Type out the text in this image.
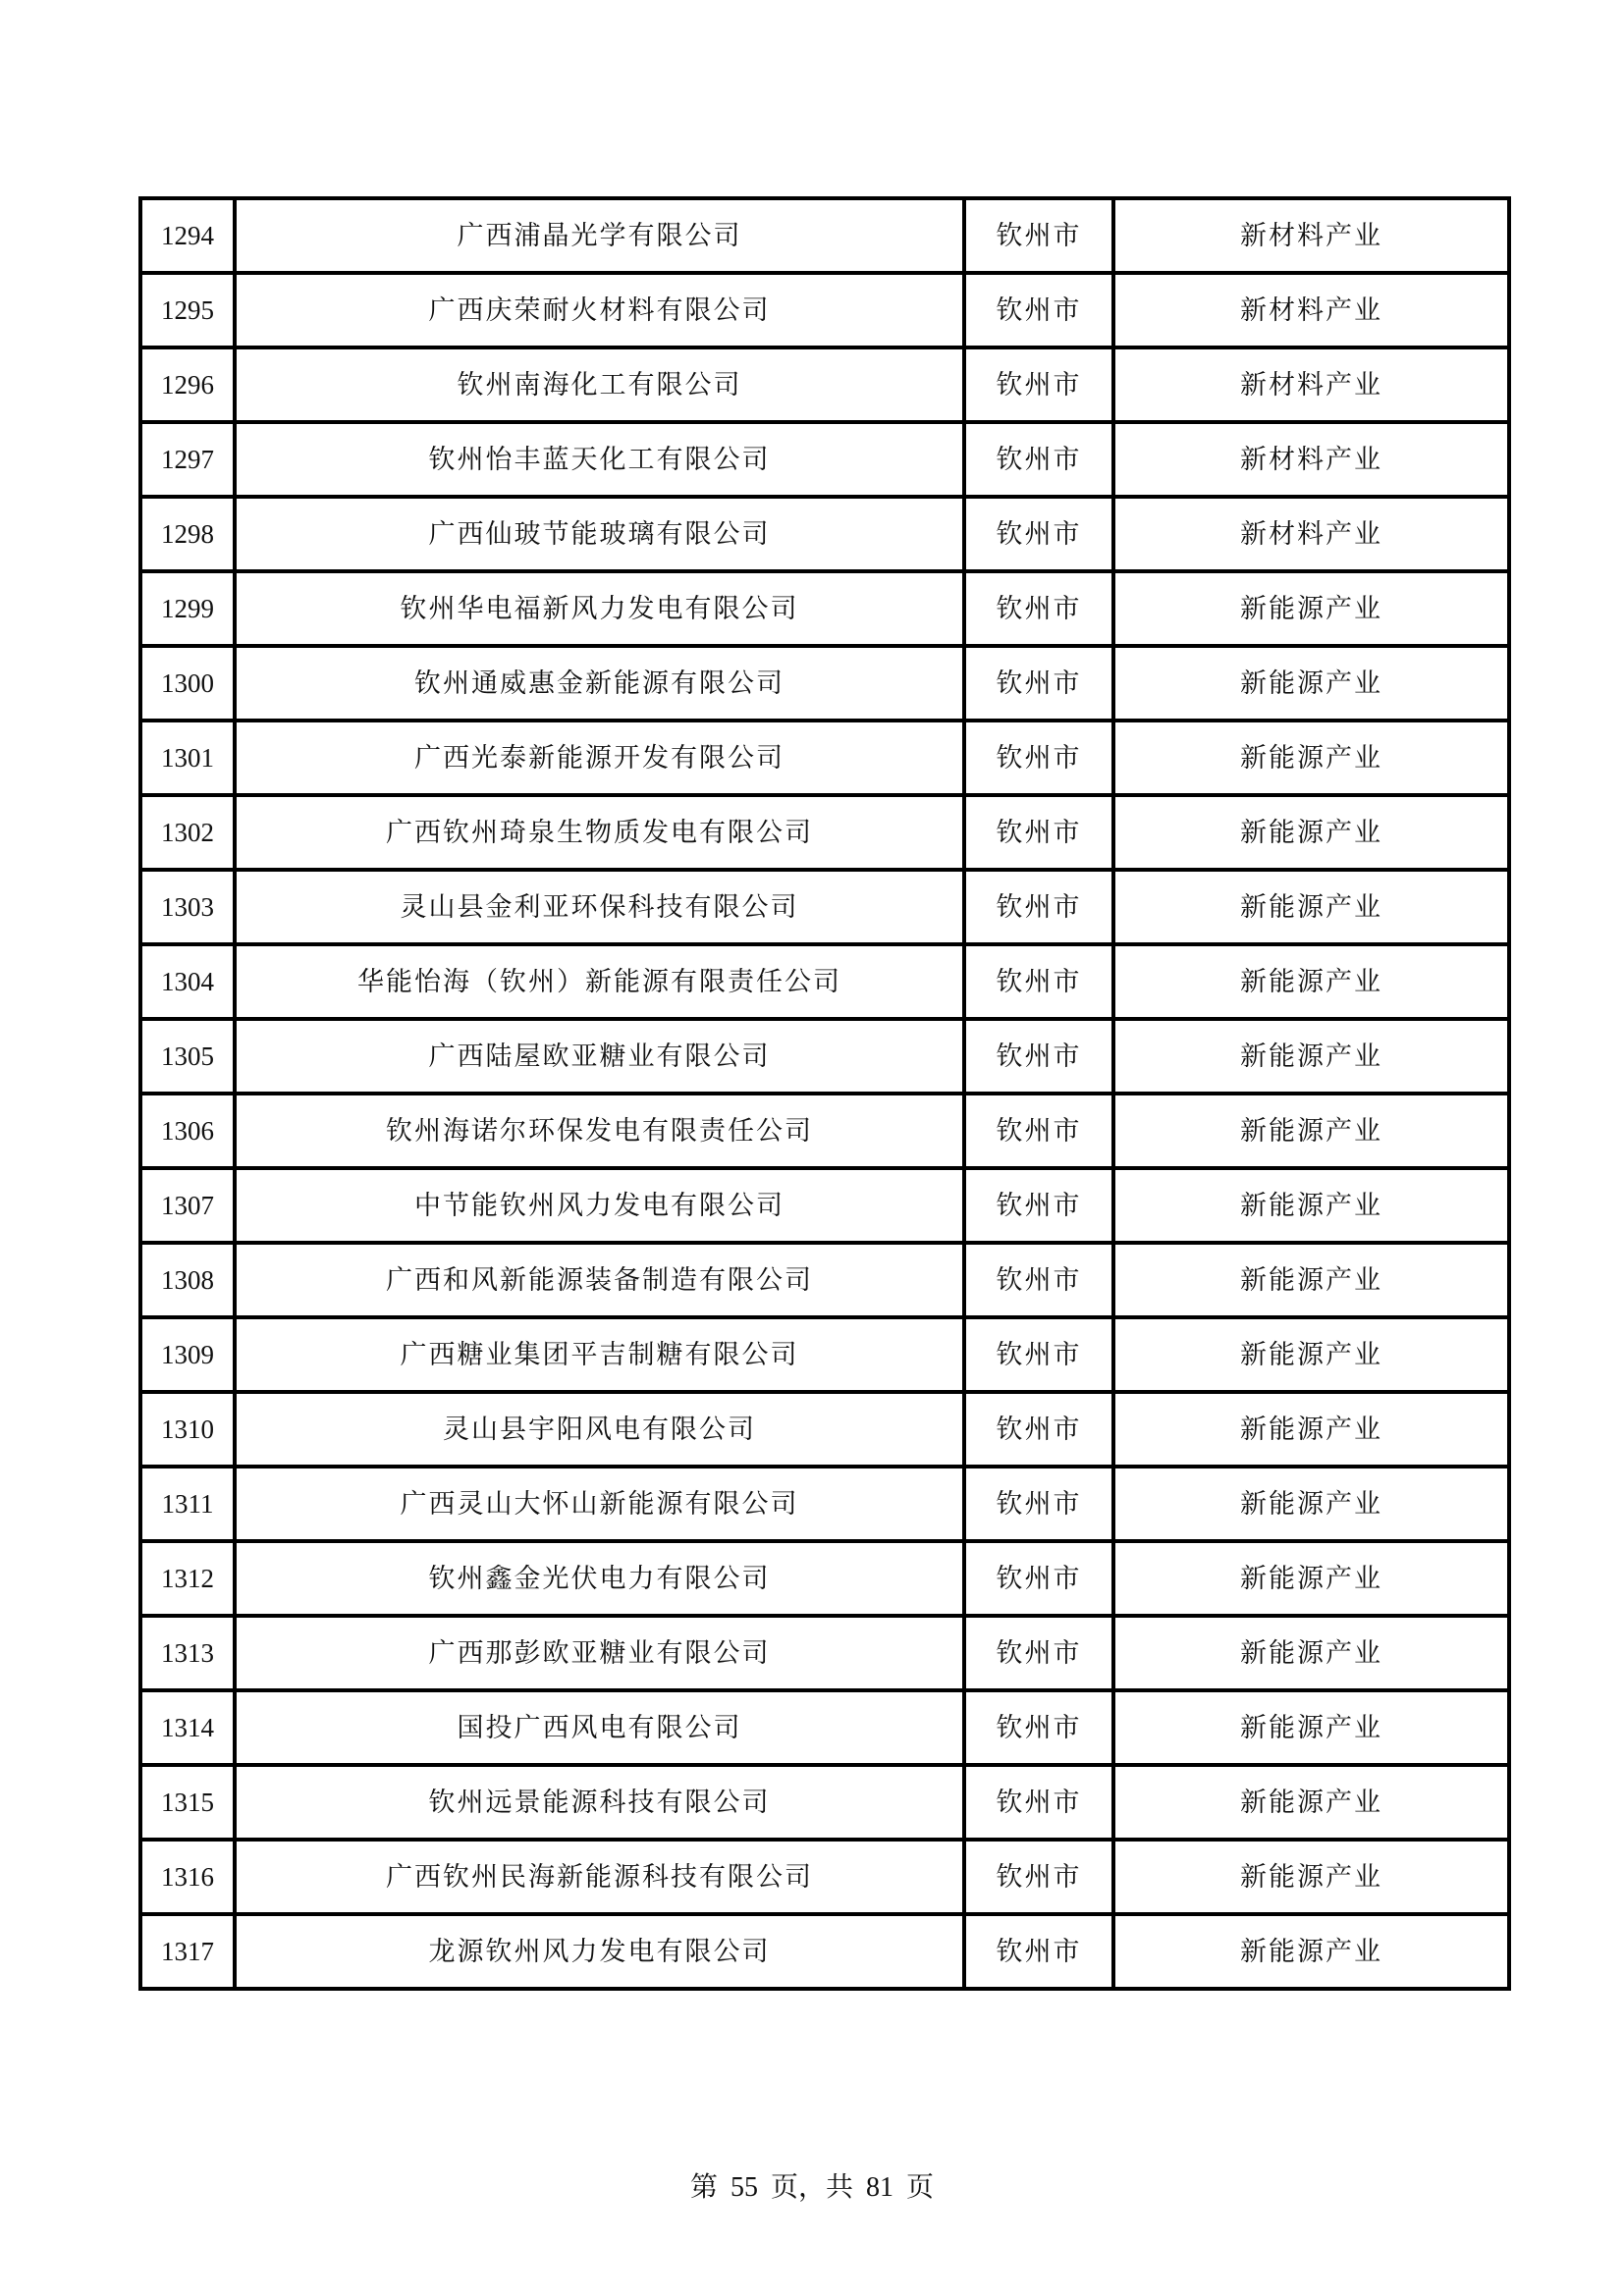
1294	广西浦晶光学有限公司	钦州市	新材料产业
1295	广西庆荣耐火材料有限公司	钦州市	新材料产业
1296	钦州南海化工有限公司	钦州市	新材料产业
1297	钦州怡丰蓝天化工有限公司	钦州市	新材料产业
1298	广西仙玻节能玻璃有限公司	钦州市	新材料产业
1299	钦州华电福新风力发电有限公司	钦州市	新能源产业
1300	钦州通威惠金新能源有限公司	钦州市	新能源产业
1301	广西光泰新能源开发有限公司	钦州市	新能源产业
1302	广西钦州琦泉生物质发电有限公司	钦州市	新能源产业
1303	灵山县金利亚环保科技有限公司	钦州市	新能源产业
1304	华能怡海（钦州）新能源有限责任公司	钦州市	新能源产业
1305	广西陆屋欧亚糖业有限公司	钦州市	新能源产业
1306	钦州海诺尔环保发电有限责任公司	钦州市	新能源产业
1307	中节能钦州风力发电有限公司	钦州市	新能源产业
1308	广西和风新能源装备制造有限公司	钦州市	新能源产业
1309	广西糖业集团平吉制糖有限公司	钦州市	新能源产业
1310	灵山县宇阳风电有限公司	钦州市	新能源产业
1311	广西灵山大怀山新能源有限公司	钦州市	新能源产业
1312	钦州鑫金光伏电力有限公司	钦州市	新能源产业
1313	广西那彭欧亚糖业有限公司	钦州市	新能源产业
1314	国投广西风电有限公司	钦州市	新能源产业
1315	钦州远景能源科技有限公司	钦州市	新能源产业
1316	广西钦州民海新能源科技有限公司	钦州市	新能源产业
1317	龙源钦州风力发电有限公司	钦州市	新能源产业
第 55 页，共 81 页
